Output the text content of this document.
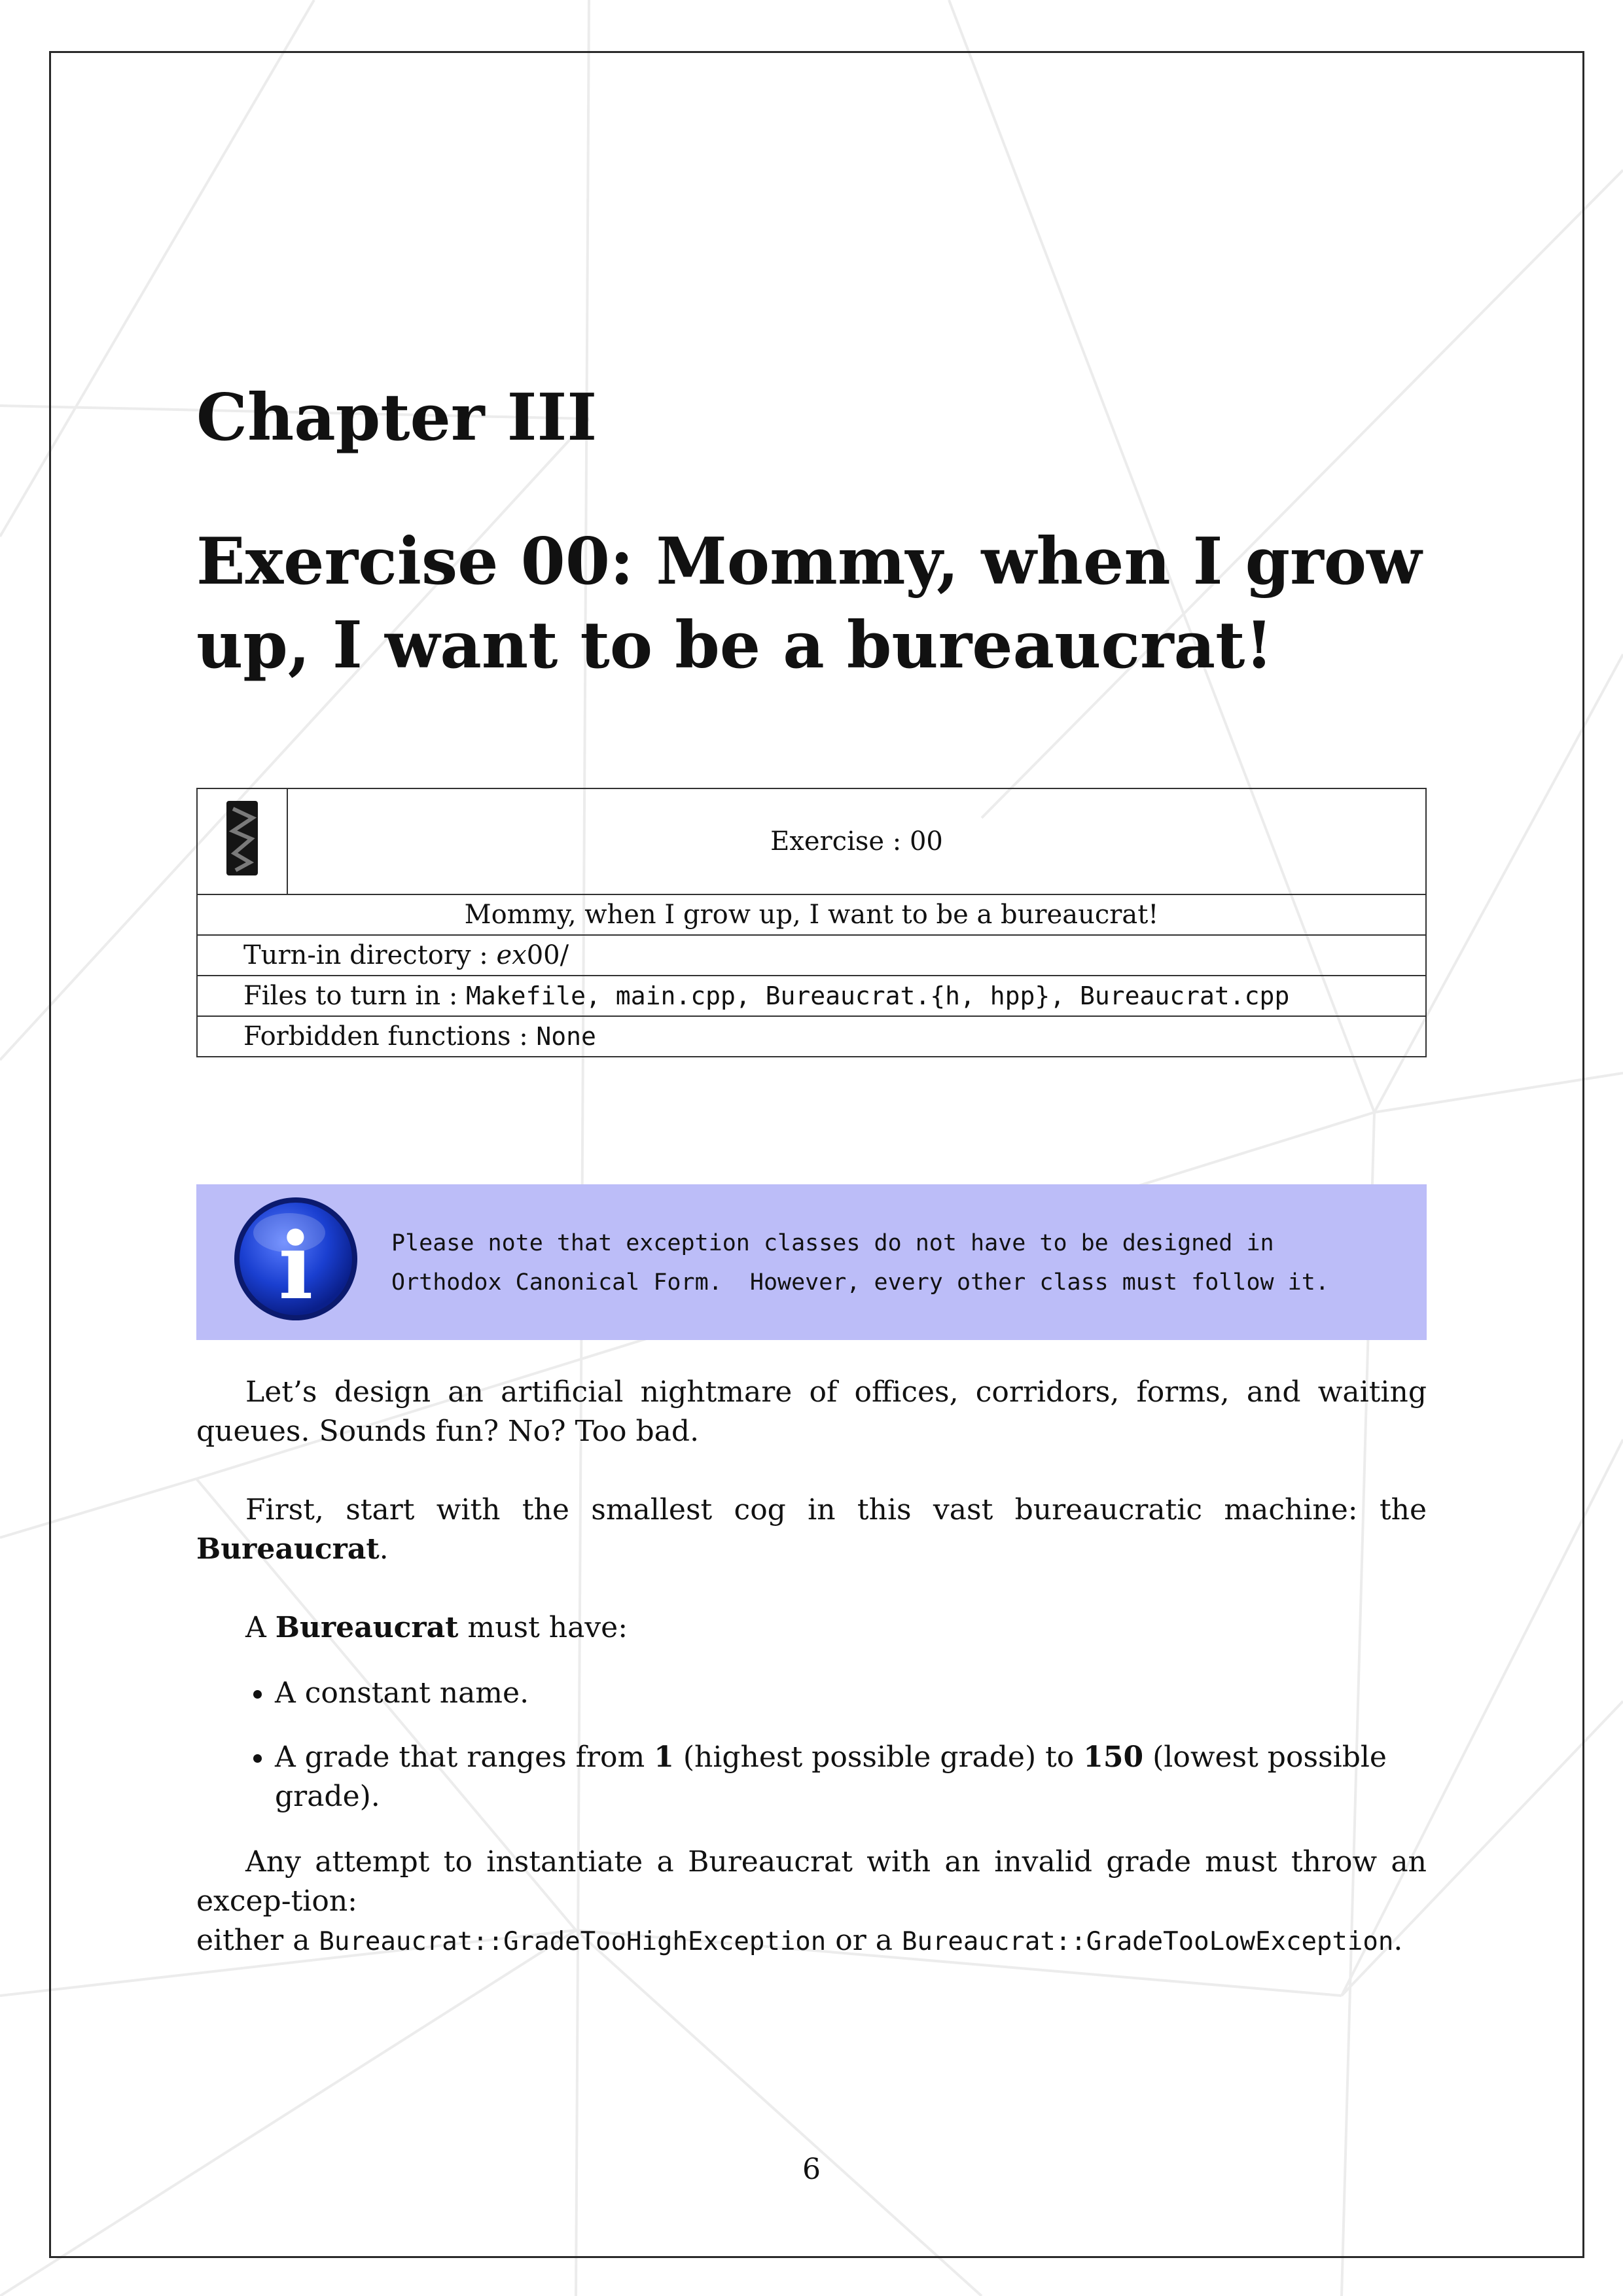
Chapter III
Exercise 00: Mommy, when I grow
up, I want to be a bureaucrat!
	Exercise : 00
Mommy, when I grow up, I want to be a bureaucrat!
Turn-in directory : ex00/
Files to turn in : Makefile, main.cpp, Bureaucrat.{h, hpp}, Bureaucrat.cpp
Forbidden functions : None
i	Please note that exception classes do not have to be designed in
Orthodox Canonical Form.  However, every other class must follow it.

Let’s design an artificial nightmare of offices, corridors, forms, and waiting queues. Sounds fun? No? Too bad.

First, start with the smallest cog in this vast bureaucratic machine: the Bureaucrat.

A Bureaucrat must have:

• A constant name.
• A grade that ranges from 1 (highest possible grade) to 150 (lowest possible grade).

Any attempt to instantiate a Bureaucrat with an invalid grade must throw an excep-tion:

either a Bureaucrat::GradeTooHighException or a Bureaucrat::GradeTooLowException.

6
